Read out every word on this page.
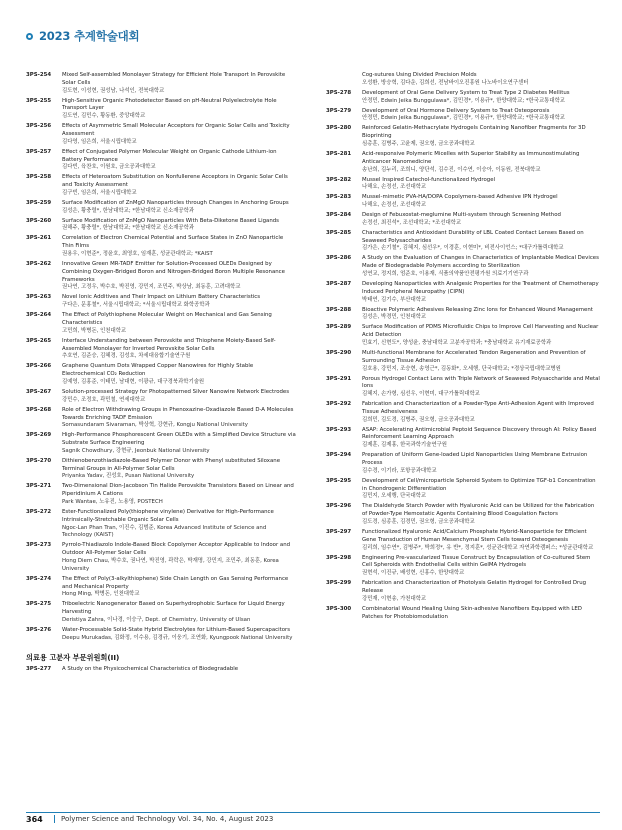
2023 추계학술대회
3PS-254	Mixed Self-assembled Monolayer Strategy for Efficient Hole Transport In Perovskite Solar Cells
김도현, 이성현, 권성남, 나석인, 전북대학교
3PS-255	High-Sensitive Organic Photodetector Based on pH-Neutral Polyelectrolyte Hole Transport Layer
김도연, 김민수, 황동환, 중앙대학교
3PS-256	Effects of Asymmetric Small Molecular Acceptors for Organic Solar Cells and Toxicity Assessment
김다영, 임은희, 서울시립대학교
3PS-257	Effect of Conjugated Polymer Molecular Weight on Organic Cathode Lithium-ion Battery Performance
김다빈, 육찬호, 이원호, 금오공과대학교
3PS-258	Effects of Heteroatom Substitution on Nonfullerene Acceptors in Organic Solar Cells and Toxicity Assessment
김구빈, 임은희, 서울시립대학교
3PS-259	Surface Modification of ZnMgO Nanoparticles through Changes in Anchoring Groups
김성은, 황충렬*, 한남대학교; *한남대학교 신소재공학과
3PS-260	Surface Modification of ZnMgO Nanoparticles With Beta-Diketone Based Ligands
권해주, 황충렬*, 한남대학교; *한남대학교 신소재공학과
3PS-261	Correlation of Electron Chemical Potential and Surface States in ZnO Nanoparticle Thin Films
권용우, 이현준*, 정윤호, 최영호, 임재훈, 성균관대학교; *KAIST
3PS-262	Innovative Green MR-TADF Emitter for Solution-Processed OLEDs Designed by Combining Oxygen-Bridged Boron and Nitrogen-Bridged Boron Multiple Resonance Frameworks
권나연, 고정우, 박수호, 박진영, 강민지, 조민주, 박상남, 최동훈, 고려대학교
3PS-263	Novel Ionic Additives and Their Impact on Lithium Battery Characteristics
구다은, 문홍철*, 서울시립대학교; *서울시립대학교 화학공학과
3PS-264	The Effect of Polythiophene Molecular Weight on Mechanical and Gas Sensing Characteristics
고민희, 박병돈, 인천대학교
3PS-265	Interface Understanding between Perovskite and Thiophene Moiety-Based Self-Assembled Monolayer for Inverted Perovskite Solar Cells
추호연, 김준승, 김혜경, 김성호, 차세대융합기술연구원
3PS-266	Graphene Quantum Dots Wrapped Copper Nanowires for Highly Stable Electrochemical CO₂ Reduction
김예영, 김홍준, 이태민, 남대현, 이광규, 대구경북과학기술원
3PS-267	Solution-processed Strategy for Photopatterned Silver Nanowire Network Electrodes
강민수, 조정호, 곽민철, 연세대학교
3PS-268	Role of Electron Withdrawing Groups in Phenoxazine-Oxadiazole Based D-A Molecules Towards Enriching TADF Emission
Somasundaram Sivaraman, 박상혁, 강현규, Kongju National University
3PS-269	High-Performance Phosphorescent Green OLEDs with a Simplified Device Structure via Substrate Surface Engineering
Sagnik Chowdhury, 강현규, Jeonbuk National University
3PS-270	Dithienobenzothiadiazole-Based Polymer Donor with Phenyl substituted Siloxane Terminal Groups in All-Polymer Solar Cells
Priyanka Yadav, 진성호, Pusan National University
3PS-271	Two-Dimensional Dion-Jacobson Tin Halide Perovskite Transistors Based on Linear and Piperidinium A Cations
Park Wantae, 노유진, 노용영, POSTECH
3PS-272	Ester-Functionalized Poly(thiophene vinylene) Derivative for High-Performance Intrinsically-Stretchable Organic Solar Cells
Ngoc-Lan Phan Tran, 이진수, 김범준, Korea Advanced Institute of Science and Technology (KAIST)
3PS-273	Pyrrolo-Thiadiazolo Indole-Based Block Copolymer Acceptor Applicable to Indoor and Outdoor All-Polymer Solar Cells
Hong Diem Chau, 박수호, 권나연, 박진영, 곽락은, 박재명, 강민지, 조민주, 최동훈, Korea University
3PS-274	The Effect of Poly(3-alkylthiophene) Side Chain Length on Gas Sensing Performance and Mechanical Property
Hong Ming, 박병돈, 인천대학교
3PS-275	Triboelectric Nanogenerator Based on Superhydrophobic Surface for Liquid Energy Harvesting
Deristiya Zahra, 이나경, 이승구, Dept. of Chemistry, University of Ulsan
3PS-276	Water-Processable Solid-State Hybrid Electrolytes for Lithium-Based Supercapacitors
Deepu Murukadas, 김화정, 이수용, 김경규, 이웅기, 조연화, Kyungpook National University
의료용 고분자 부문위원회(II)
3PS-277	A Study on the Physicochemical Characteristics of Biodegradable
Cog-sutures Using Divided Precision Molds
오성환, 방승혁, 김다운, 김희선, 전남바이오진흥원 나노바이오연구센터
3PS-278	Development of Oral Gene Delivery System to Treat Type 2 Diabetes Mellitus
안정민, Edwin Jeika Bunggulawa*, 김민경*, 이용규*, 한양대학교; *한국교통대학교
3PS-279	Development of Oral Hormone Delivery System to Treat Osteoporosis
안정민, Edwin Jeika Bunggulawa*, 김민경*, 이용규*, 한양대학교; *한국교통대학교
3PS-280	Reinforced Gelatin-Methacrylate Hydrogels Containing Nanofiber Fragments for 3D Bioprinting
심총훈, 김병주, 고윤제, 권오형, 금오공과대학교
3PS-281	Acid-responsive Polymeric Micelles with Superior Stability as Immunostimulating Anticancer Nanomedicine
송난희, 김누리, 조희니, 양단석, 김수진, 이수연, 이승아, 이동원, 전북대학교
3PS-282	Mussel Inspired Catechol-functionalized Hydrogel
나해요, 손정선, 조선대학교
3PS-283	Mussel-mimetic PVA-HA/DOPA Copolymers-based Adhesive IPN Hydrogel
나해요, 손정선, 조선대학교
3PS-284	Design of Febuxostat-meglumine Multi-system through Screening Method
손정선, 최진석*, 조선대학교; *조선대학교
3PS-285	Characteristics and Antioxidant Durability of LBL Coated Contact Lenses Based on Seaweed Polysaccharides
김가은, 손기철*, 김혜지, 심선우*, 이경훈, 이현미*, 비전사이언스; *대구가톨릭대학교
3PS-286	A Study on the Evaluation of Changes in Characteristics of Implantable Medical Devices Made of Biodegradable Polymers according to Sterilization
성연교, 정지희, 엄준호, 이용재, 식품의약품안전평가원 의료기기연구과
3PS-287	Developing Nanoparticles with Analgesic Properties for the Treatment of Chemotherapy Induced Peripheral Neuropathy (CIPN)
박태연, 김기수, 부산대학교
3PS-288	Bioactive Polymeric Adhesives Releasing Zinc Ions for Enhanced Wound Management
김성은, 박경민, 인천대학교
3PS-289	Surface Modification of PDMS Microfluidic Chips to Improve Cell Harvesting and Nuclear Acid Detection
민효기, 신현도*, 양성윤, 충남대학교 고분자공학과; *충남대학교 유기재료공학과
3PS-290	Multi-functional Membrane for Accelerated Tendon Regeneration and Prevention of Surrounding Tissue Adhesion
김호용, 강민지, 조승현, 송영근*, 김동화*, 오세행, 단국대학교; *경상국립대학교병원
3PS-291	Porous Hydrogel Contact Lens with Triple Network of Seaweed Polysaccharide and Metal Ions
김혜지, 손가형, 심선우, 이현미, 대구가톨릭대학교
3PS-292	Fabrication and Characterization of a Powder-Type Anti-Adhesion Agent with Improved Tissue Adhesiveness
김희민, 김도경, 김병주, 권오형, 금오공과대학교
3PS-293	ASAP: Accelerating Antimicrobial Peptoid Sequence Discovery through AI: Policy Based Reinforcement Learning Approach
김제훈, 김제홍, 한국과학기술연구원
3PS-294	Preparation of Uniform Gene-loaded Lipid Nanoparticles Using Membrane Extrusion Process
김수경, 이기라, 포항공과대학교
3PS-295	Development of Cell/microparticle Spheroid System to Optimize TGF-b1 Concentration in Chondrogenic Differentiation
김민지, 오세행, 단국대학교
3PS-296	The Dialdehyde Starch Powder with Hyaluronic Acid can be Utilized for the Fabrication of Powder-Type Hemostatic Agents Containing Blood Coagulation Factors
김도경, 심종훈, 김경민, 권오형, 금오공과대학교
3PS-297	Functionalized Hyaluronic Acid/Calcium Phosphate Hybrid-Nanoparticle for Efficient Gene Transduction of Human Mesenchymal Stem Cells toward Osteogenesis
김리희, 임수연*, 김병주*, 박희정*, 유 반*, 정지훈*, 성균관대학교 자연과학캠퍼스; *성균관대학교
3PS-298	Engineering Pre-vascularized Tissue Construct by Encapsulation of Co-cultured Stem Cell Spheroids with Endothelial Cells within GelMA Hydrogels
권현석, 이진규, 배성현, 신홍수, 한양대학교
3PS-299	Fabrication and Characterization of Photolysis Gelatin Hydrogel for Controlled Drug Release
강민재, 이현송, 가천대학교
3PS-300	Combinatorial Wound Healing Using Skin-adhesive Nanofibers Equipped with LED Patches for Photobiomodulation
364	Polymer Science and Technology Vol. 34, No. 4, August 2023
